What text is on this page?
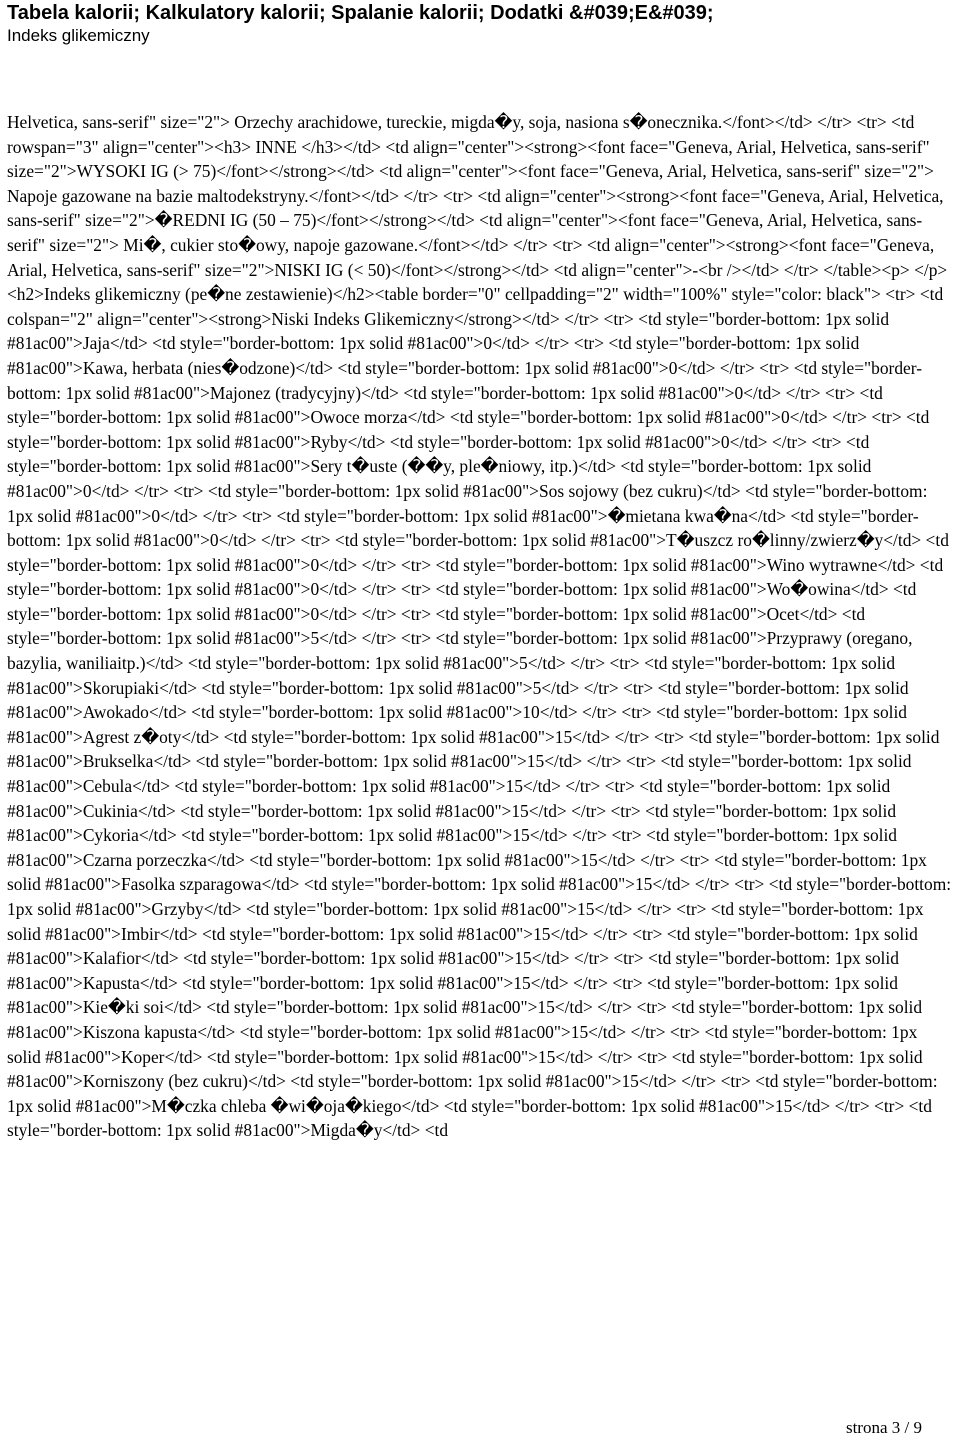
Tabela kalorii; Kalkulatory kalorii; Spalanie kalorii; Dodatki &#039;E&#039;
Indeks glikemiczny
Helvetica, sans-serif" size="2"> Orzechy arachidowe, tureckie, migda�y, soja, nasiona s�onecznika.</font></td> </tr> <tr> <td rowspan="3" align="center"><h3> INNE </h3></td> <td align="center"><strong><font face="Geneva, Arial, Helvetica, sans-serif" size="2">WYSOKI IG (> 75)</font></strong></td> <td align="center"><font face="Geneva, Arial, Helvetica, sans-serif" size="2"> Napoje gazowane na bazie maltodekstryny.</font></td> </tr> <tr> <td align="center"><strong><font face="Geneva, Arial, Helvetica, sans-serif" size="2">�REDNI IG (50 – 75)</font></strong></td> <td align="center"><font face="Geneva, Arial, Helvetica, sans-serif" size="2"> Mi�, cukier sto�owy, napoje gazowane.</font></td> </tr> <tr> <td align="center"><strong><font face="Geneva, Arial, Helvetica, sans-serif" size="2">NISKI IG (< 50)</font></strong></td> <td align="center">-<br /></td> </tr> </table><p> </p><h2>Indeks glikemiczny (pe�ne zestawienie)</h2><table border="0" cellpadding="2" width="100%" style="color: black"> <tr> <td colspan="2" align="center"><strong>Niski Indeks Glikemiczny</strong></td> </tr> <tr> <td style="border-bottom: 1px solid #81ac00">Jaja</td> <td style="border-bottom: 1px solid #81ac00">0</td> </tr> <tr> <td style="border-bottom: 1px solid #81ac00">Kawa, herbata (nies�odzone)</td> <td style="border-bottom: 1px solid #81ac00">0</td> </tr> <tr> <td style="border-bottom: 1px solid #81ac00">Majonez (tradycyjny)</td> <td style="border-bottom: 1px solid #81ac00">0</td> </tr> <tr> <td style="border-bottom: 1px solid #81ac00">Owoce morza</td> <td style="border-bottom: 1px solid #81ac00">0</td> </tr> <tr> <td style="border-bottom: 1px solid #81ac00">Ryby</td> <td style="border-bottom: 1px solid #81ac00">0</td> </tr> <tr> <td style="border-bottom: 1px solid #81ac00">Sery t�uste (��y, ple�niowy, itp.)</td> <td style="border-bottom: 1px solid #81ac00">0</td> </tr> <tr> <td style="border-bottom: 1px solid #81ac00">Sos sojowy (bez cukru)</td> <td style="border-bottom: 1px solid #81ac00">0</td> </tr> <tr> <td style="border-bottom: 1px solid #81ac00">�mietana kwa�na</td> <td style="border-bottom: 1px solid #81ac00">0</td> </tr> <tr> <td style="border-bottom: 1px solid #81ac00">T�uszcz ro�linny/zwierz�y</td> <td style="border-bottom: 1px solid #81ac00">0</td> </tr> <tr> <td style="border-bottom: 1px solid #81ac00">Wino wytrawne</td> <td style="border-bottom: 1px solid #81ac00">0</td> </tr> <tr> <td style="border-bottom: 1px solid #81ac00">Wo�owina</td> <td style="border-bottom: 1px solid #81ac00">0</td> </tr> <tr> <td style="border-bottom: 1px solid #81ac00">Ocet</td> <td style="border-bottom: 1px solid #81ac00">5</td> </tr> <tr> <td style="border-bottom: 1px solid #81ac00">Przyprawy (oregano, bazylia, waniliaitp.)</td> <td style="border-bottom: 1px solid #81ac00">5</td> </tr> <tr> <td style="border-bottom: 1px solid #81ac00">Skorupiaki</td> <td style="border-bottom: 1px solid #81ac00">5</td> </tr> <tr> <td style="border-bottom: 1px solid #81ac00">Awokado</td> <td style="border-bottom: 1px solid #81ac00">10</td> </tr> <tr> <td style="border-bottom: 1px solid #81ac00">Agrest z�oty</td> <td style="border-bottom: 1px solid #81ac00">15</td> </tr> <tr> <td style="border-bottom: 1px solid #81ac00">Brukselka</td> <td style="border-bottom: 1px solid #81ac00">15</td> </tr> <tr> <td style="border-bottom: 1px solid #81ac00">Cebula</td> <td style="border-bottom: 1px solid #81ac00">15</td> </tr> <tr> <td style="border-bottom: 1px solid #81ac00">Cukinia</td> <td style="border-bottom: 1px solid #81ac00">15</td> </tr> <tr> <td style="border-bottom: 1px solid #81ac00">Cykoria</td> <td style="border-bottom: 1px solid #81ac00">15</td> </tr> <tr> <td style="border-bottom: 1px solid #81ac00">Czarna porzeczka</td> <td style="border-bottom: 1px solid #81ac00">15</td> </tr> <tr> <td style="border-bottom: 1px solid #81ac00">Fasolka szparagowa</td> <td style="border-bottom: 1px solid #81ac00">15</td> </tr> <tr> <td style="border-bottom: 1px solid #81ac00">Grzyby</td> <td style="border-bottom: 1px solid #81ac00">15</td> </tr> <tr> <td style="border-bottom: 1px solid #81ac00">Imbir</td> <td style="border-bottom: 1px solid #81ac00">15</td> </tr> <tr> <td style="border-bottom: 1px solid #81ac00">Kalafior</td> <td style="border-bottom: 1px solid #81ac00">15</td> </tr> <tr> <td style="border-bottom: 1px solid #81ac00">Kapusta</td> <td style="border-bottom: 1px solid #81ac00">15</td> </tr> <tr> <td style="border-bottom: 1px solid #81ac00">Kie�ki soi</td> <td style="border-bottom: 1px solid #81ac00">15</td> </tr> <tr> <td style="border-bottom: 1px solid #81ac00">Kiszona kapusta</td> <td style="border-bottom: 1px solid #81ac00">15</td> </tr> <tr> <td style="border-bottom: 1px solid #81ac00">Koper</td> <td style="border-bottom: 1px solid #81ac00">15</td> </tr> <tr> <td style="border-bottom: 1px solid #81ac00">Korniszony (bez cukru)</td> <td style="border-bottom: 1px solid #81ac00">15</td> </tr> <tr> <td style="border-bottom: 1px solid #81ac00">M�czka chleba �wi�oja�kiego</td> <td style="border-bottom: 1px solid #81ac00">15</td> </tr> <tr> <td style="border-bottom: 1px solid #81ac00">Migda�y</td> <td
strona 3 / 9
